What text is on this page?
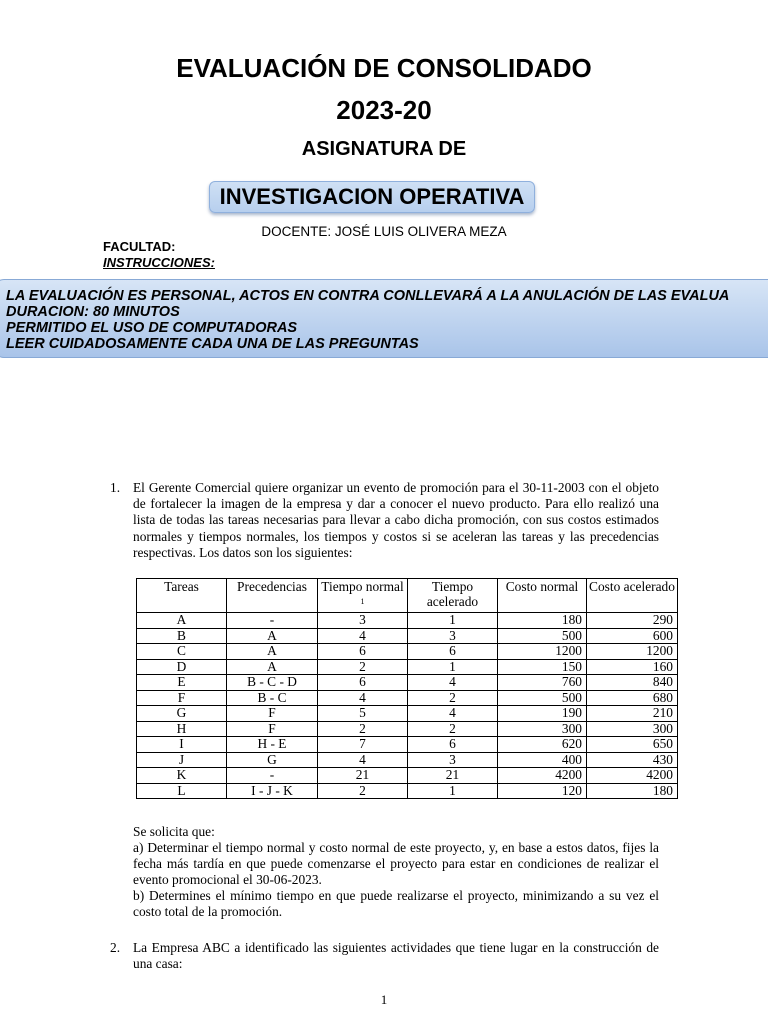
EVALUACIÓN DE CONSOLIDADO
2023-20
ASIGNATURA DE
INVESTIGACION OPERATIVA
DOCENTE: JOSÉ LUIS OLIVERA MEZA
FACULTAD:
INSTRUCCIONES:
LA EVALUACIÓN ES PERSONAL, ACTOS EN CONTRA CONLLEVARÁ A LA ANULACIÓN DE LAS EVALUA
DURACION: 80 MINUTOS
PERMITIDO EL USO DE COMPUTADORAS
LEER CUIDADOSAMENTE CADA UNA DE LAS PREGUNTAS
1. El Gerente Comercial quiere organizar un evento de promoción para el 30-11-2003 con el objeto de fortalecer la imagen de la empresa y dar a conocer el nuevo producto. Para ello realizó una lista de todas las tareas necesarias para llevar a cabo dicha promoción, con sus costos estimados normales y tiempos normales, los tiempos y costos si se aceleran las tareas y las precedencias respectivas. Los datos son los siguientes:
Tareas	Precedencias	Tiempo normal $^1$	Tiempo acelerado	Costo normal	Costo acelerado
A	-	3	1	180	290
B	A	4	3	500	600
C	A	6	6	1200	1200
D	A	2	1	150	160
E	B - C - D	6	4	760	840
F	B - C	4	2	500	680
G	F	5	4	190	210
H	F	2	2	300	300
I	H - E	7	6	620	650
J	G	4	3	400	430
K	-	21	21	4200	4200
L	I - J - K	2	1	120	180
Se solicita que:
a) Determinar el tiempo normal y costo normal de este proyecto, y, en base a estos datos, fijes la fecha más tardía en que puede comenzarse el proyecto para estar en condiciones de realizar el evento promocional el 30-06-2023.
b) Determines el mínimo tiempo en que puede realizarse el proyecto, minimizando a su vez el costo total de la promoción.
2. La Empresa ABC a identificado las siguientes actividades que tiene lugar en la construcción de una casa:
1
